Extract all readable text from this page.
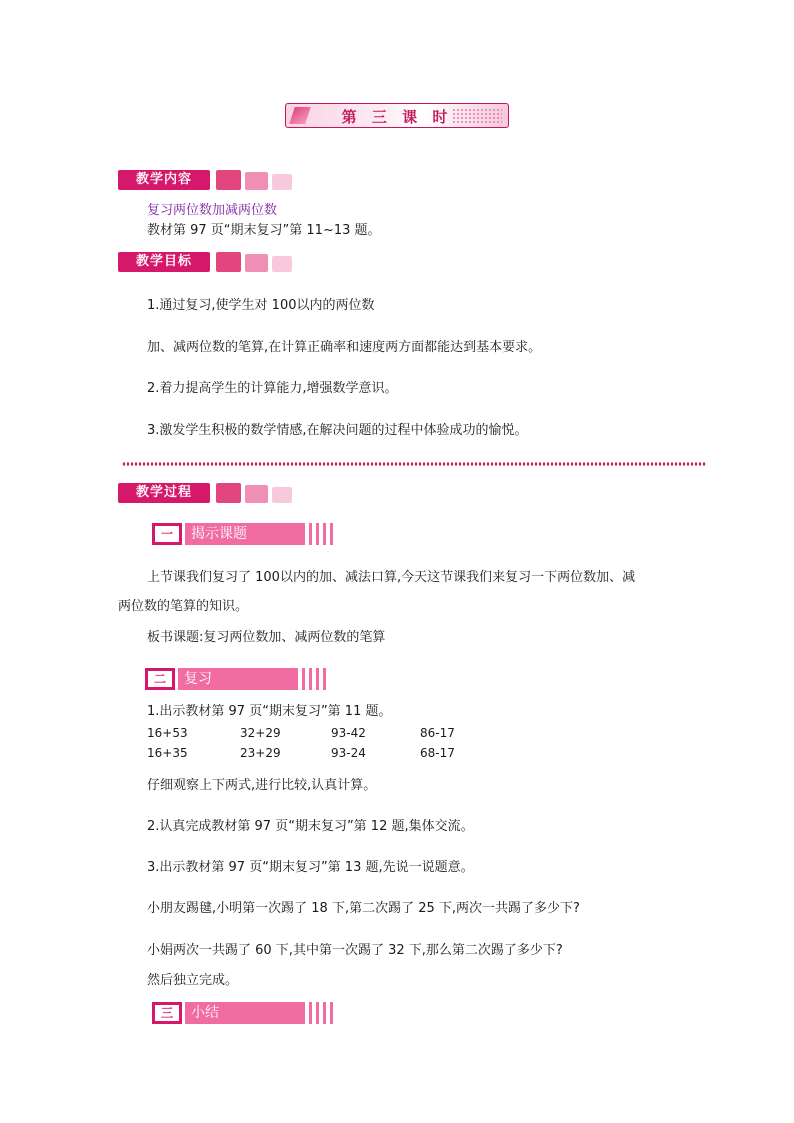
第 三 课 时
教学内容
复习两位数加减两位数
教材第 97 页“期末复习”第 11~13 题。
教学目标
1.通过复习,使学生对 100以内的两位数
加、减两位数的笔算,在计算正确率和速度两方面都能达到基本要求。
2.着力提高学生的计算能力,增强数学意识。
3.激发学生积极的数学情感,在解决问题的过程中体验成功的愉悦。
教学过程
一	揭示课题
上节课我们复习了 100以内的加、减法口算,今天这节课我们来复习一下两位数加、减
两位数的笔算的知识。
板书课题:复习两位数加、减两位数的笔算
二	复习
1.出示教材第 97 页“期末复习”第 11 题。
16+53	32+29	93-42	86-17
16+35	23+29	93-24	68-17
仔细观察上下两式,进行比较,认真计算。
2.认真完成教材第 97 页“期末复习”第 12 题,集体交流。
3.出示教材第 97 页“期末复习”第 13 题,先说一说题意。
小朋友踢毽,小明第一次踢了 18 下,第二次踢了 25 下,两次一共踢了多少下?
小娟两次一共踢了 60 下,其中第一次踢了 32 下,那么第二次踢了多少下?
然后独立完成。
三	小结
